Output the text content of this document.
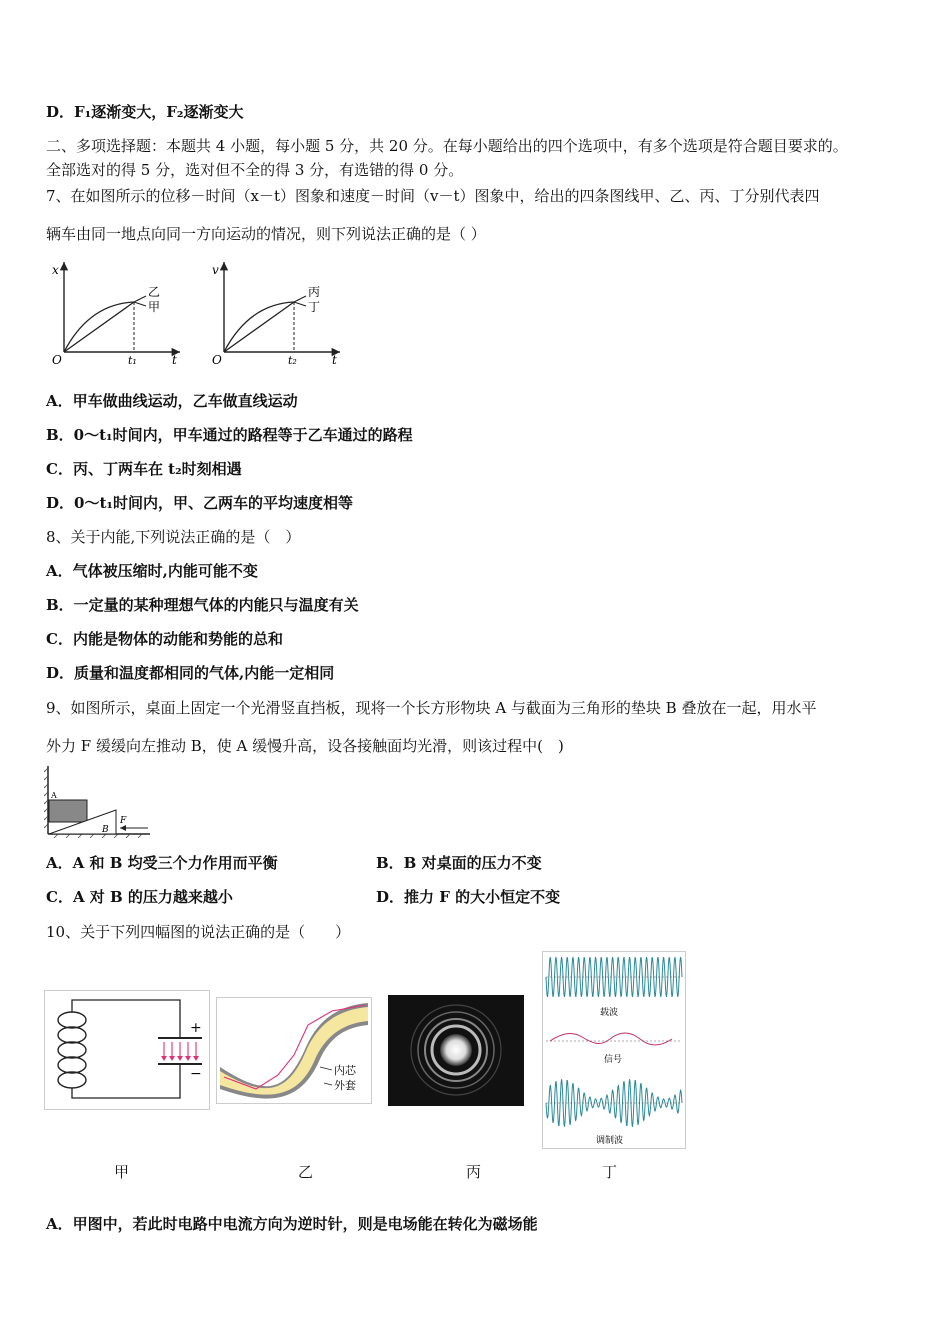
D．F₁逐渐变大，F₂逐渐变大
二、多项选择题：本题共 4 小题，每小题 5 分，共 20 分。在每小题给出的四个选项中，有多个选项是符合题目要求的。
全部选对的得 5 分，选对但不全的得 3 分，有选错的得 0 分。
7、在如图所示的位移－时间（x－t）图象和速度－时间（v－t）图象中，给出的四条图线甲、乙、丙、丁分别代表四
辆车由同一地点向同一方向运动的情况，则下列说法正确的是（ ）
x
t
O	t₁
乙
甲
v
t
O	t₂
丙
丁
A．甲车做曲线运动，乙车做直线运动
B．0～t₁时间内，甲车通过的路程等于乙车通过的路程
C．丙、丁两车在 t₂时刻相遇
D．0～t₁时间内，甲、乙两车的平均速度相等
8、关于内能,下列说法正确的是（　）
A．气体被压缩时,内能可能不变
B．一定量的某种理想气体的内能只与温度有关
C．内能是物体的动能和势能的总和
D．质量和温度都相同的气体,内能一定相同
9、如图所示，桌面上固定一个光滑竖直挡板，现将一个长方形物块 A 与截面为三角形的垫块 B 叠放在一起，用水平
外力 F 缓缓向左推动 B，使 A 缓慢升高，设各接触面均光滑，则该过程中(　)
A
B
F
A．A 和 B 均受三个力作用而平衡	B．B 对桌面的压力不变
C．A 对 B 的压力越来越小	D．推力 F 的大小恒定不变
10、关于下列四幅图的说法正确的是（　　）
+
−	内芯
外套
载波
信号
调制波
甲	乙	丙	丁
A．甲图中，若此时电路中电流方向为逆时针，则是电场能在转化为磁场能
